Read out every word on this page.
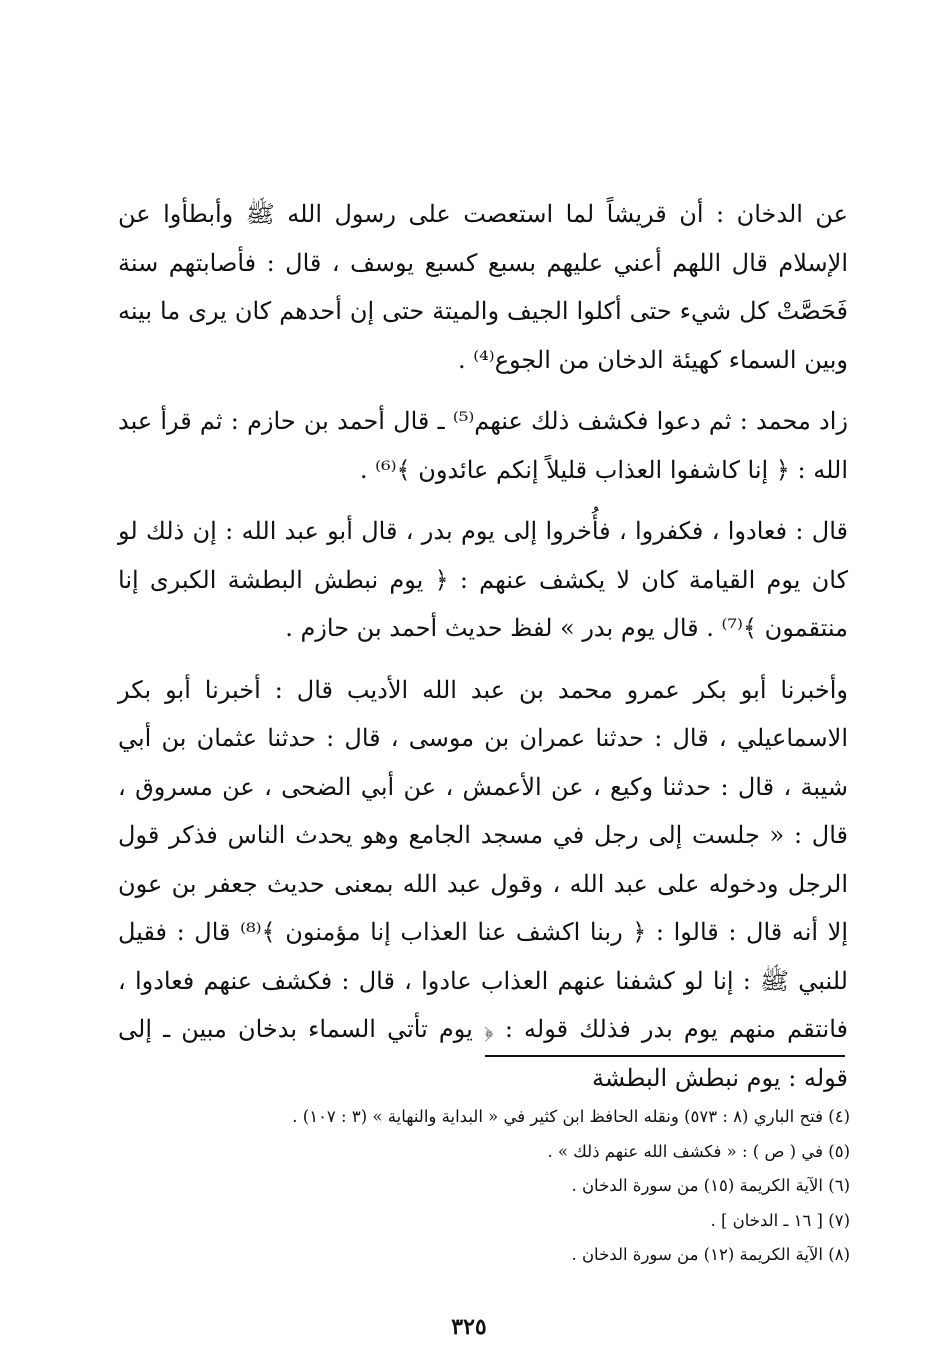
عن الدخان : أن قريشاً لما استعصت على رسول الله ﷺ وأبطأوا عن الإسلام قال اللهم أعني عليهم بسبع كسبع يوسف ، قال : فأصابتهم سنة فَحَصَّتْ كل شيء حتى أكلوا الجيف والميتة حتى إن أحدهم كان يرى ما بينه وبين السماء كهيئة الدخان من الجوع⁽⁴⁾ .

زاد محمد : ثم دعوا فكشف ذلك عنهم⁽⁵⁾ ـ قال أحمد بن حازم : ثم قرأ عبد الله : ﴿ إنا كاشفوا العذاب قليلاً إنكم عائدون ﴾⁽⁶⁾ .

قال : فعادوا ، فكفروا ، فأُخروا إلى يوم بدر ، قال أبو عبد الله : إن ذلك لو كان يوم القيامة كان لا يكشف عنهم : ﴿ يوم نبطش البطشة الكبرى إنا منتقمون ﴾⁽⁷⁾ . قال يوم بدر » لفظ حديث أحمد بن حازم .

وأخبرنا أبو بكر عمرو محمد بن عبد الله الأديب قال : أخبرنا أبو بكر الاسماعيلي ، قال : حدثنا عمران بن موسى ، قال : حدثنا عثمان بن أبي شيبة ، قال : حدثنا وكيع ، عن الأعمش ، عن أبي الضحى ، عن مسروق ، قال : « جلست إلى رجل في مسجد الجامع وهو يحدث الناس فذكر قول الرجل ودخوله على عبد الله ، وقول عبد الله بمعنى حديث جعفر بن عون إلا أنه قال : قالوا : ﴿ ربنا اكشف عنا العذاب إنا مؤمنون ﴾⁽⁸⁾ قال : فقيل للنبي ﷺ : إنا لو كشفنا عنهم العذاب عادوا ، قال : فكشف عنهم فعادوا ، فانتقم منهم يوم بدر فذلك قوله : ﴿ يوم تأتي السماء بدخان مبين ـ إلى قوله : يوم نبطش البطشة

(٤) فتح الباري (٨ : ٥٧٣) ونقله الحافظ ابن كثير في « البداية والنهاية » (٣ : ١٠٧) .

(٥) في ( ص ) : « فكشف الله عنهم ذلك » .

(٦) الآية الكريمة (١٥) من سورة الدخان .

(٧) [ ١٦ ـ الدخان ] .

(٨) الآية الكريمة (١٢) من سورة الدخان .

٣٢٥
